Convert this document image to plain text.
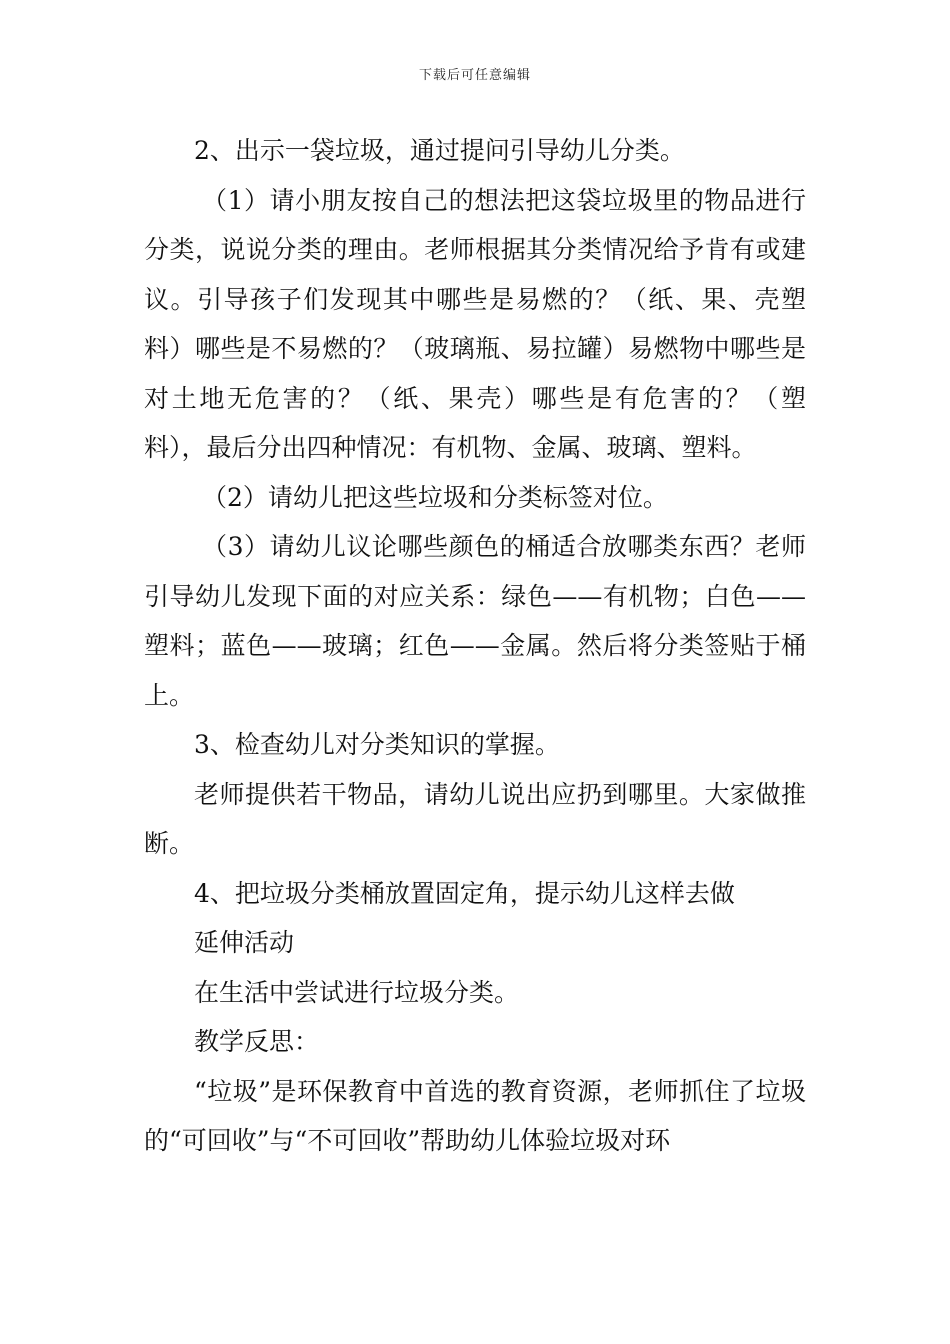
下载后可任意编辑

2、出示一袋垃圾，通过提问引导幼儿分类。

（1）请小朋友按自己的想法把这袋垃圾里的物品进行分类，说说分类的理由。老师根据其分类情况给予肯有或建议。引导孩子们发现其中哪些是易燃的？（纸、果、壳塑料）哪些是不易燃的？（玻璃瓶、易拉罐）易燃物中哪些是对土地无危害的？（纸、果壳）哪些是有危害的？（塑料），最后分出四种情况：有机物、金属、玻璃、塑料。

（2）请幼儿把这些垃圾和分类标签对位。

（3）请幼儿议论哪些颜色的桶适合放哪类东西？老师引导幼儿发现下面的对应关系：绿色——有机物；白色——塑料；蓝色——玻璃；红色——金属。然后将分类签贴于桶上。

3、检查幼儿对分类知识的掌握。

老师提供若干物品，请幼儿说出应扔到哪里。大家做推断。

4、把垃圾分类桶放置固定角，提示幼儿这样去做

延伸活动

在生活中尝试进行垃圾分类。

教学反思：

“垃圾”是环保教育中首选的教育资源，老师抓住了垃圾的“可回收”与“不可回收”帮助幼儿体验垃圾对环
